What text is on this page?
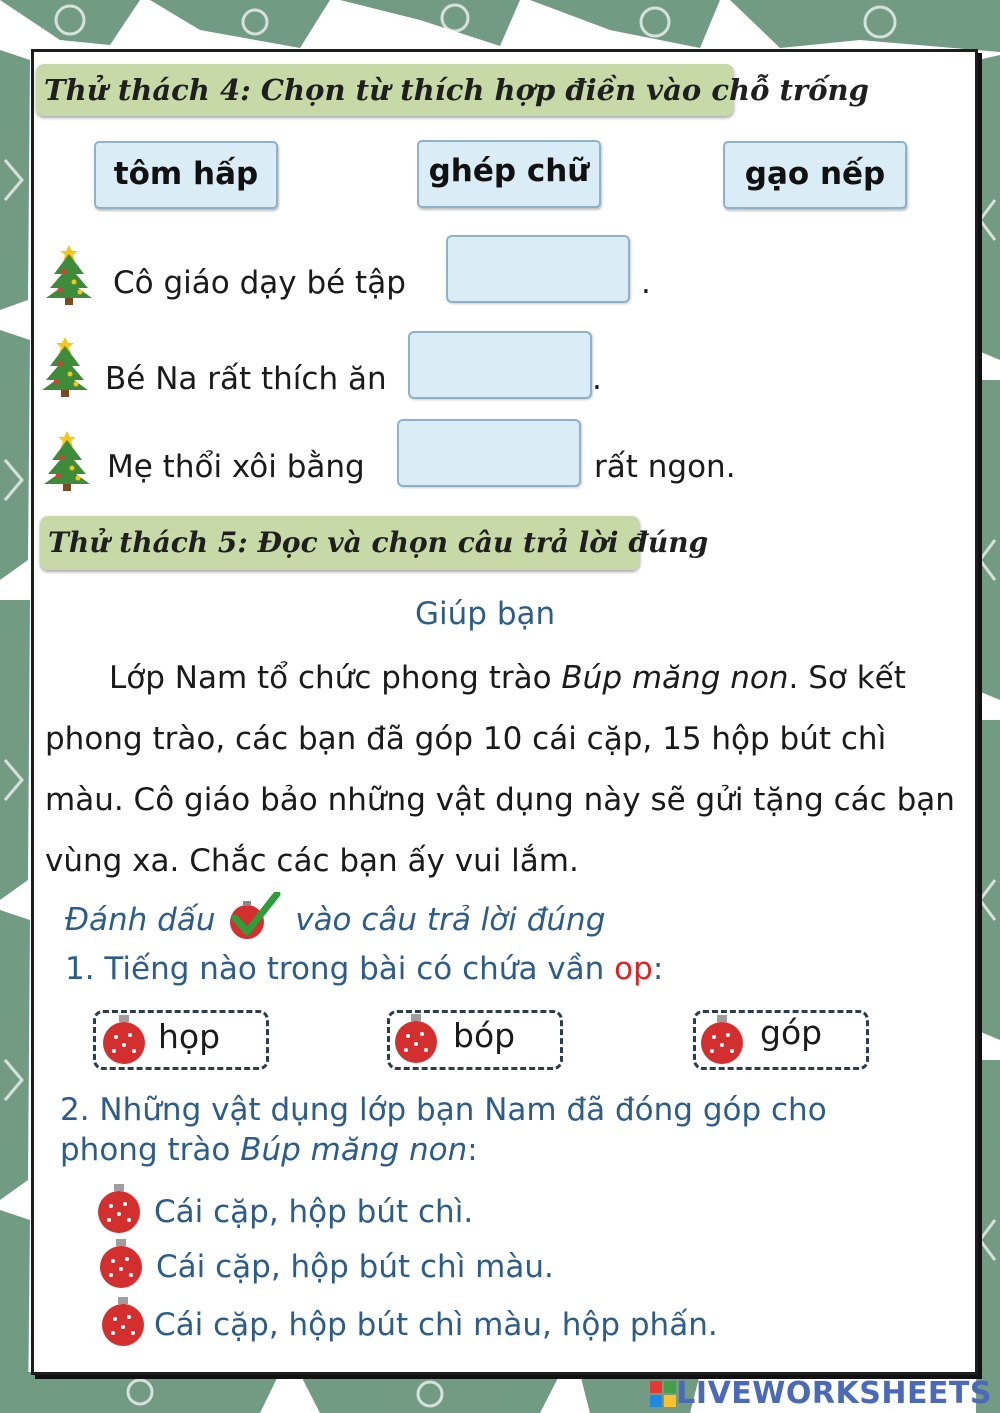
Thử thách 4: Chọn từ thích hợp điền vào chỗ trống
tôm hấp	ghép chữ	gạo nếp
Cô giáo dạy bé tập	.
Bé Na rất thích ăn	.
Mẹ thổi xôi bằng	rất ngon.
Thử thách 5: Đọc và chọn câu trả lời đúng
Giúp bạn
Lớp Nam tổ chức phong trào Búp măng non. Sơ kết phong trào, các bạn đã góp 10 cái cặp, 15 hộp bút chì màu. Cô giáo bảo những vật dụng này sẽ gửi tặng các bạn vùng xa. Chắc các bạn ấy vui lắm.
Đánh dấu	vào câu trả lời đúng
1. Tiếng nào trong bài có chứa vần op:
họp	bóp	góp
2. Những vật dụng lớp bạn Nam đã đóng góp cho
phong trào Búp măng non:
Cái cặp, hộp bút chì.
Cái cặp, hộp bút chì màu.
Cái cặp, hộp bút chì màu, hộp phấn.
LIVEWORKSHEETS
